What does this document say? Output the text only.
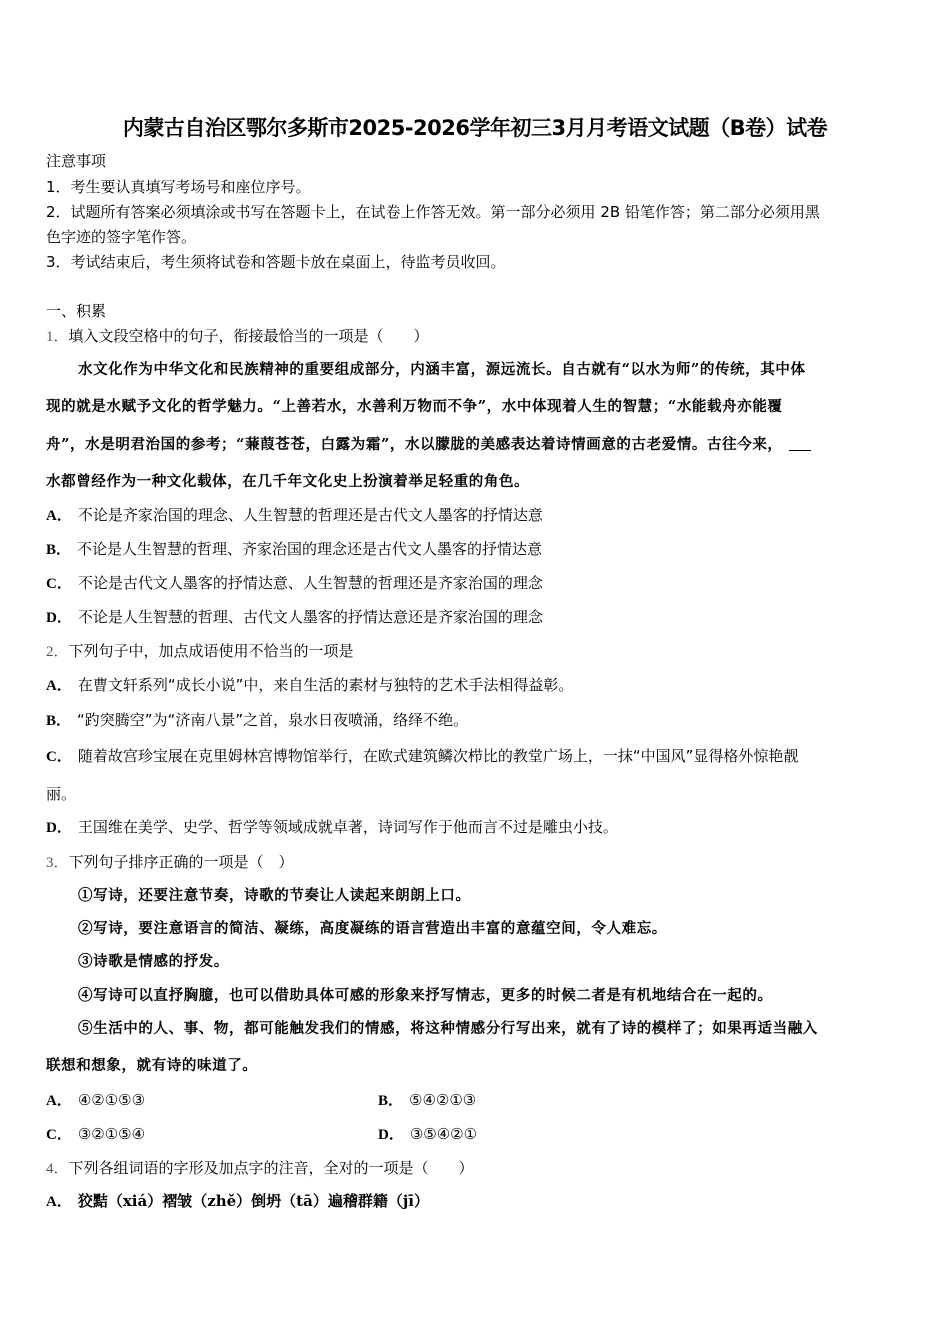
内蒙古自治区鄂尔多斯市2025-2026学年初三3月月考语文试题（B卷）试卷
注意事项
1．考生要认真填写考场号和座位序号。
2．试题所有答案必须填涂或书写在答题卡上，在试卷上作答无效。第一部分必须用 2B 铅笔作答；第二部分必须用黑
色字迹的签字笔作答。
3．考试结束后，考生须将试卷和答题卡放在桌面上，待监考员收回。
一、积累
1．填入文段空格中的句子，衔接最恰当的一项是（　　）
水文化作为中华文化和民族精神的重要组成部分，内涵丰富，源远流长。自古就有“以水为师”的传统，其中体
现的就是水赋予文化的哲学魅力。“上善若水，水善利万物而不争”，水中体现着人生的智慧；“水能载舟亦能覆
舟”，水是明君治国的参考；“蒹葭苍苍，白露为霜”，水以朦胧的美感表达着诗情画意的古老爱情。古往今来，
水都曾经作为一种文化载体，在几千年文化史上扮演着举足轻重的角色。
A． 不论是齐家治国的理念、人生智慧的哲理还是古代文人墨客的抒情达意
B． 不论是人生智慧的哲理、齐家治国的理念还是古代文人墨客的抒情达意
C． 不论是古代文人墨客的抒情达意、人生智慧的哲理还是齐家治国的理念
D． 不论是人生智慧的哲理、古代文人墨客的抒情达意还是齐家治国的理念
2．下列句子中，加点成语使用不恰当的一项是
A． 在曹文轩系列“成长小说”中，来自生活的素材与独特的艺术手法相得益彰。
B． “趵突腾空”为“济南八景”之首，泉水日夜喷涌，络绎不绝。
C． 随着故宫珍宝展在克里姆林宫博物馆举行，在欧式建筑鳞次栉比的教堂广场上，一抹“中国风”显得格外惊艳靓
丽。
D． 王国维在美学、史学、哲学等领域成就卓著，诗词写作于他而言不过是雕虫小技。
3．下列句子排序正确的一项是（　）
①写诗，还要注意节奏，诗歌的节奏让人读起来朗朗上口。
②写诗，要注意语言的简洁、凝练，高度凝练的语言营造出丰富的意蕴空间，令人难忘。
③诗歌是情感的抒发。
④写诗可以直抒胸臆，也可以借助具体可感的形象来抒写情志，更多的时候二者是有机地结合在一起的。
⑤生活中的人、事、物，都可能触发我们的情感，将这种情感分行写出来，就有了诗的模样了；如果再适当融入
联想和想象，就有诗的味道了。
A． ④②①⑤③	B． ⑤④②①③
C． ③②①⑤④	D． ③⑤④②①
4．下列各组词语的字形及加点字的注音，全对的一项是（　　）
A． 狡黠（xiá）褶皱（zhě）倒坍（tā）遍稽群籍（jī）
